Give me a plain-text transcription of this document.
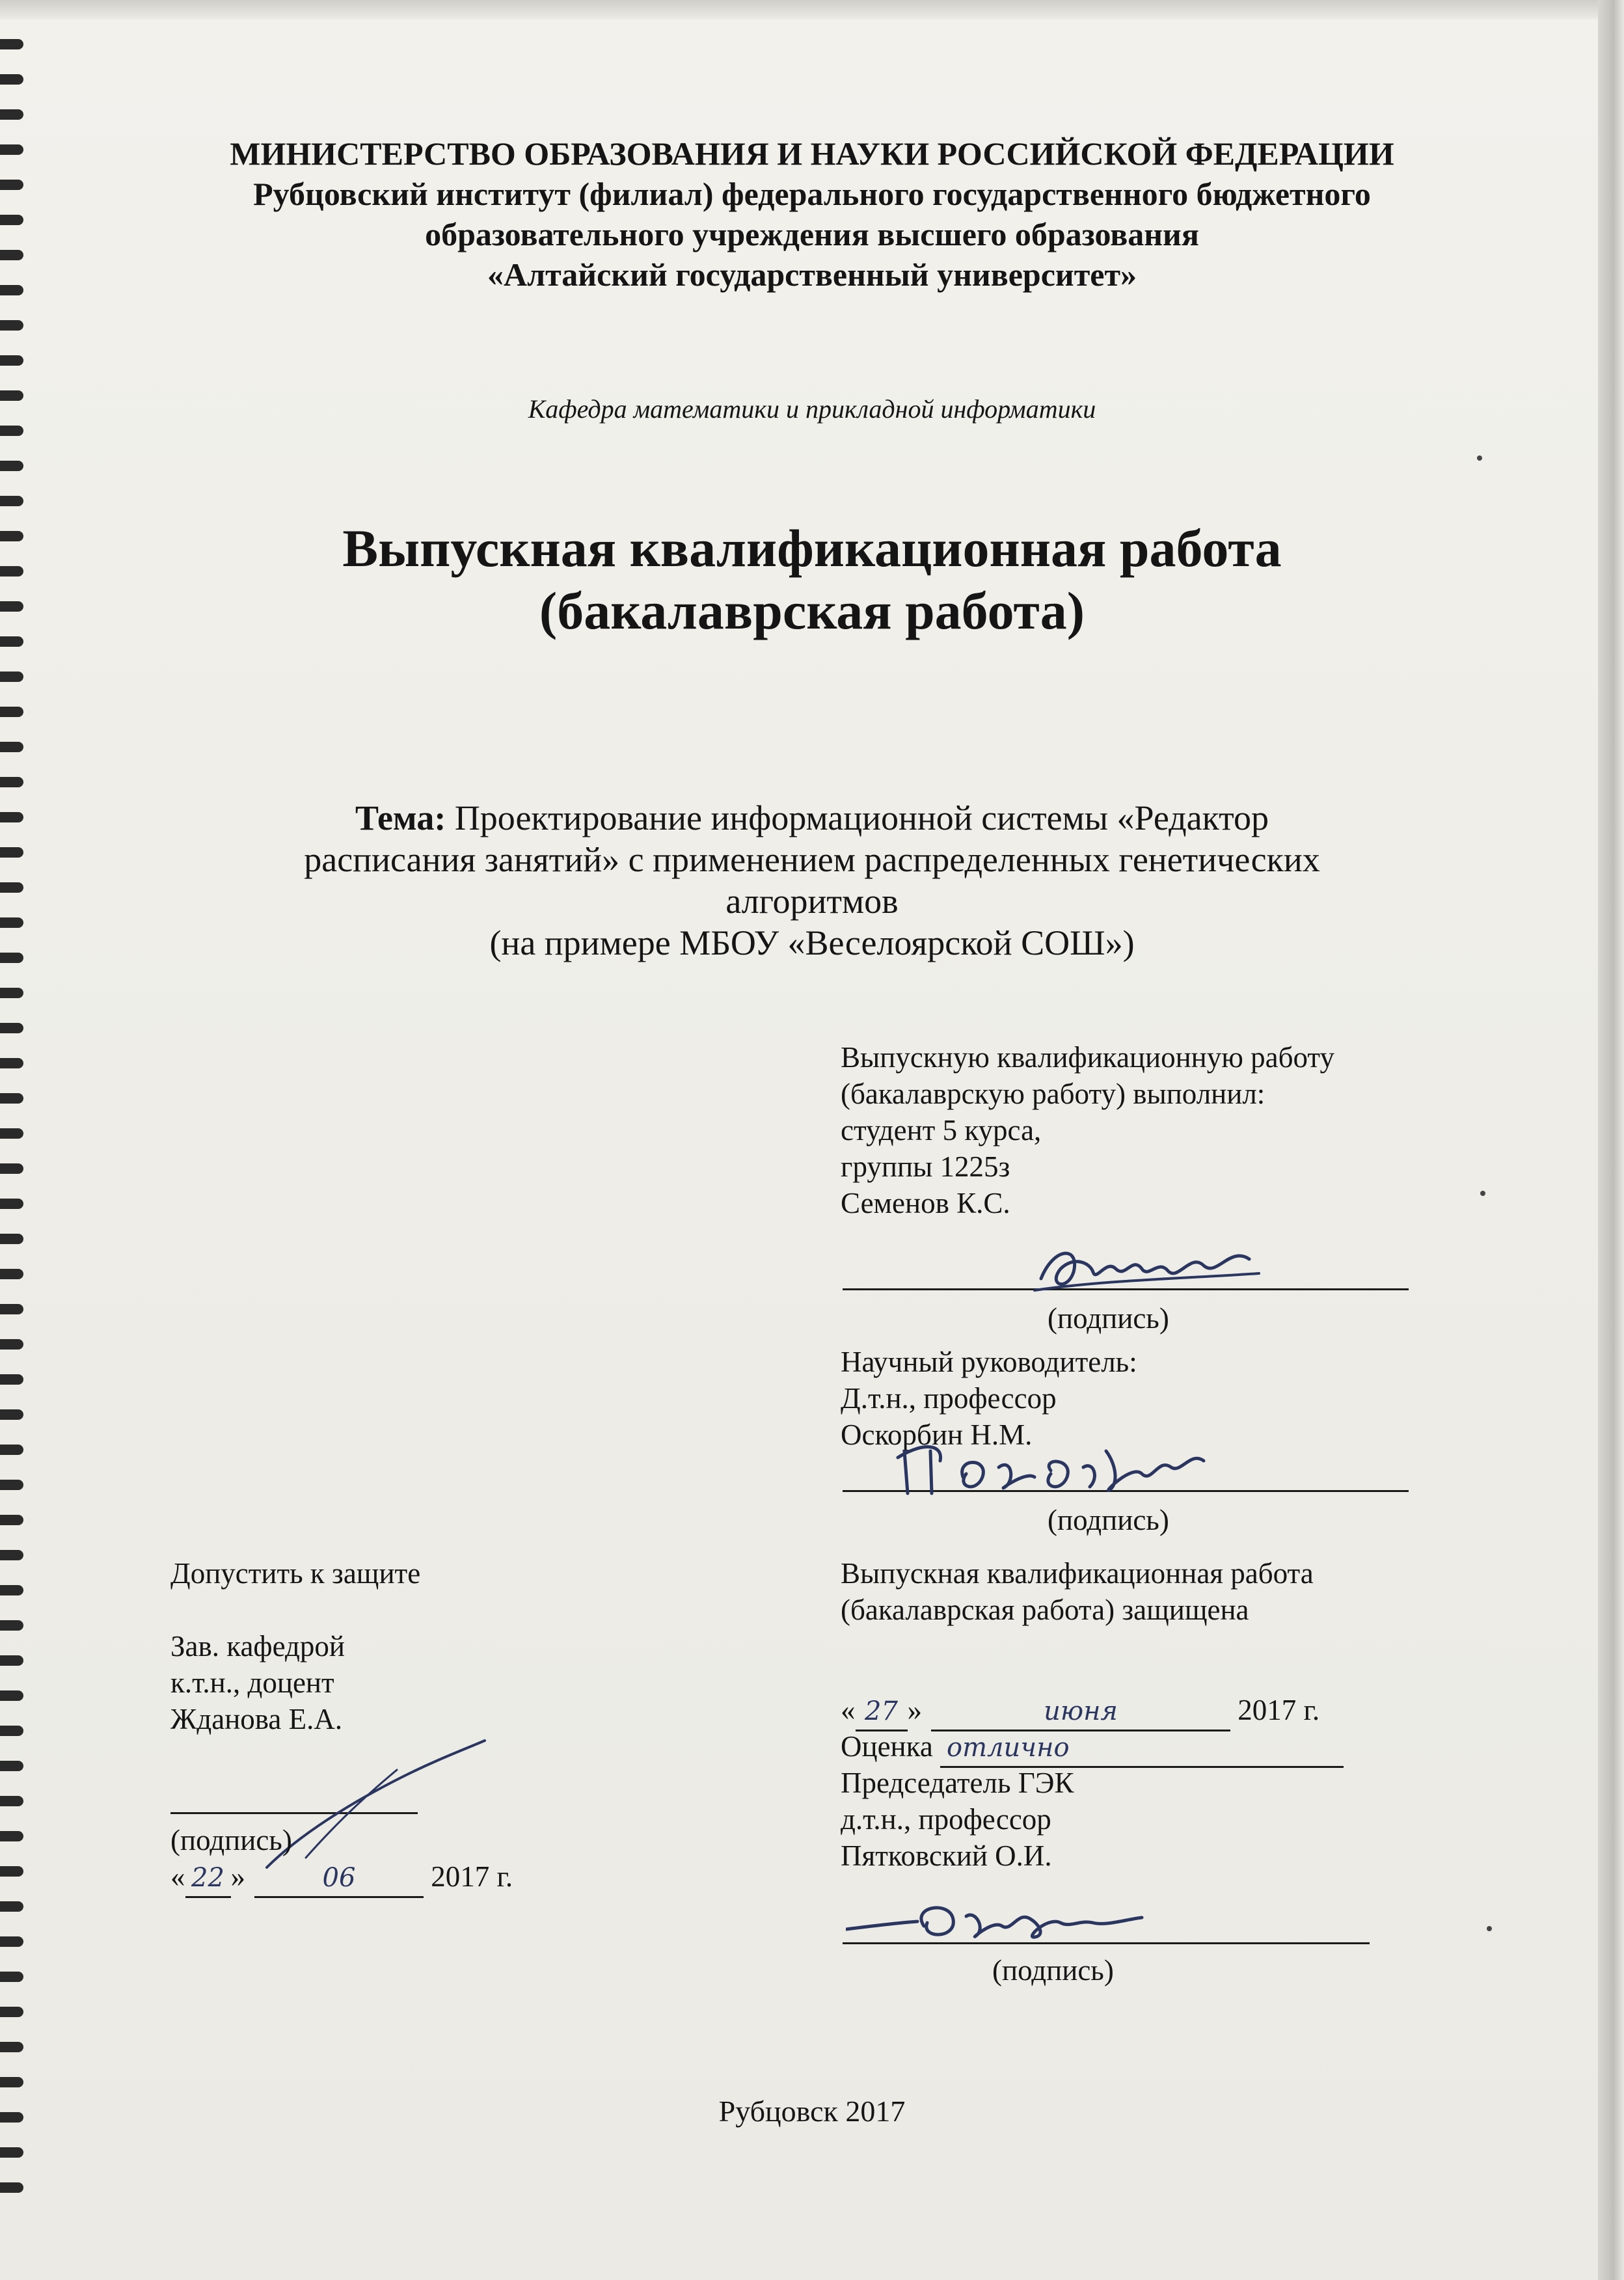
МИНИСТЕРСТВО ОБРАЗОВАНИЯ И НАУКИ РОССИЙСКОЙ ФЕДЕРАЦИИ
Рубцовский институт (филиал) федерального государственного бюджетного
образовательного учреждения высшего образования
«Алтайский государственный университет»
Кафедра математики и прикладной информатики
Выпускная квалификационная работа
(бакалаврская работа)
Тема: Проектирование информационной системы «Редактор
расписания занятий» с применением распределенных генетических
алгоритмов
(на примере МБОУ «Веселоярской СОШ»)
Выпускную квалификационную работу
(бакалаврскую работу) выполнил:
студент 5 курса,
группы 1225з
Семенов К.С.
(подпись)
Научный руководитель:
Д.т.н., профессор
Оскорбин Н.М.
(подпись)
Допустить к защите
Зав. кафедрой
к.т.н., доцент
Жданова Е.А.
(подпись)
« 22 »	06 2017 г.
Выпускная квалификационная работа
(бакалаврская работа) защищена
« 27 »	июня	2017 г.
Оценка отлично
Председатель ГЭК
д.т.н., профессор
Пятковский О.И.
(подпись)
Рубцовск 2017
